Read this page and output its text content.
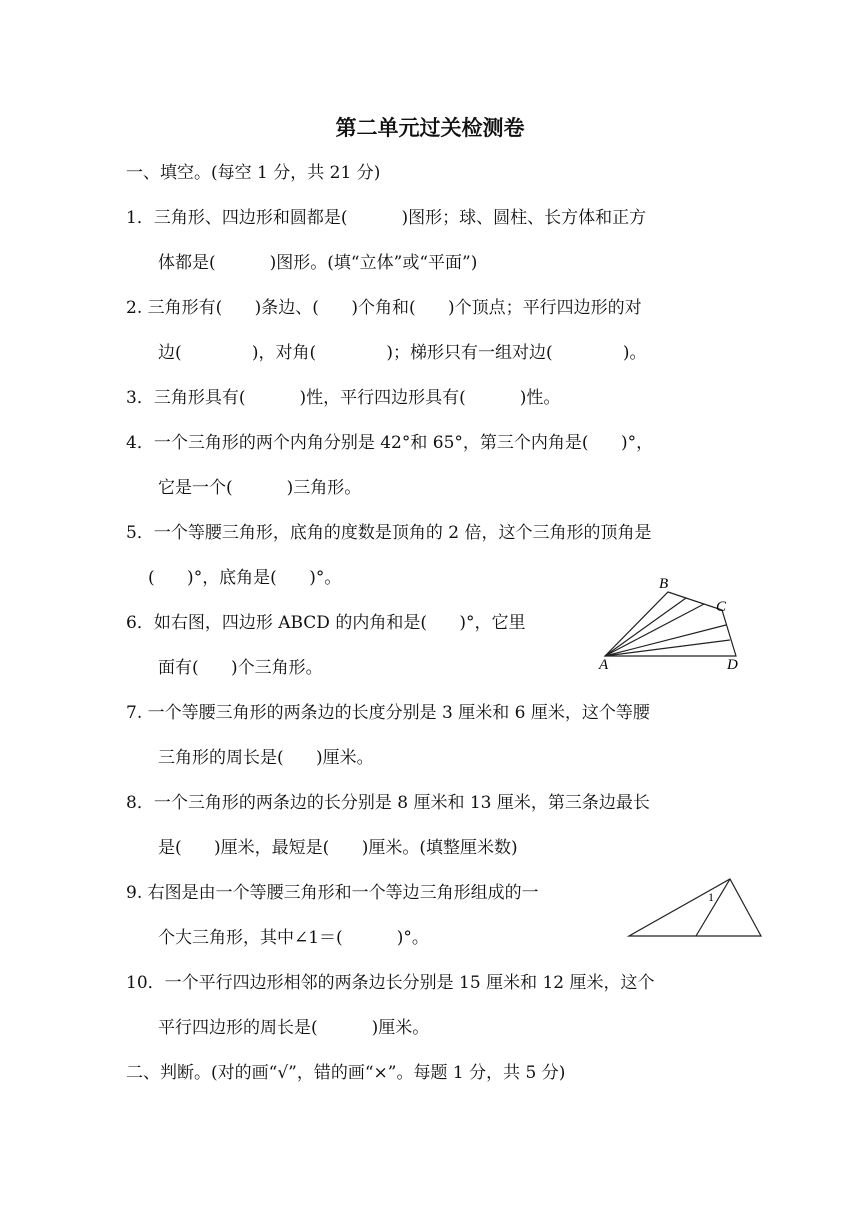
第二单元过关检测卷
一、填空。(每空 1 分，共 21 分)
1．三角形、四边形和圆都是(          )图形；球、圆柱、长方体和正方
体都是(          )图形。(填“立体”或“平面”)
2. 三角形有(      )条边、(      )个角和(      )个顶点；平行四边形的对
边(             )，对角(             )；梯形只有一组对边(             )。
3．三角形具有(          )性，平行四边形具有(          )性。
4．一个三角形的两个内角分别是 42°和 65°，第三个内角是(      )°，
它是一个(          )三角形。
5．一个等腰三角形，底角的度数是顶角的 2 倍，这个三角形的顶角是
(      )°，底角是(      )°。
6．如右图，四边形 ABCD 的内角和是(      )°，它里
面有(      )个三角形。
B
C
A	D
7. 一个等腰三角形的两条边的长度分别是 3 厘米和 6 厘米，这个等腰
三角形的周长是(      )厘米。
8．一个三角形的两条边的长分别是 8 厘米和 13 厘米，第三条边最长
是(      )厘米，最短是(      )厘米。(填整厘米数)
9. 右图是由一个等腰三角形和一个等边三角形组成的一
个大三角形，其中∠1＝(          )°。
1
10．一个平行四边形相邻的两条边长分别是 15 厘米和 12 厘米，这个
平行四边形的周长是(          )厘米。
二、判断。(对的画“√”，错的画“×”。每题 1 分，共 5 分)
